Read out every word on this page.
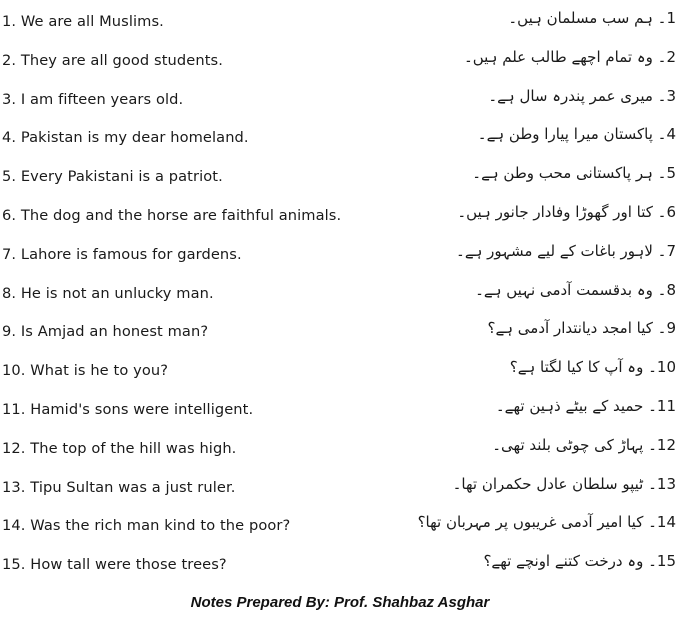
1. We are all Muslims.	1۔ ہم سب مسلمان ہیں۔
2. They are all good students.	2۔ وہ تمام اچھے طالب علم ہیں۔
3. I am fifteen years old.	3۔ میری عمر پندرہ سال ہے۔
4. Pakistan is my dear homeland.	4۔ پاکستان میرا پیارا وطن ہے۔
5. Every Pakistani is a patriot.	5۔ ہر پاکستانی محب وطن ہے۔
6. The dog and the horse are faithful animals.	6۔ کتا اور گھوڑا وفادار جانور ہیں۔
7. Lahore is famous for gardens.	7۔ لاہور باغات کے لیے مشہور ہے۔
8. He is not an unlucky man.	8۔ وہ بدقسمت آدمی نہیں ہے۔
9. Is Amjad an honest man?	9۔ کیا امجد دیانتدار آدمی ہے؟
10. What is he to you?	10۔ وہ آپ کا کیا لگتا ہے؟
11. Hamid's sons were intelligent.	11۔ حمید کے بیٹے ذہین تھے۔
12. The top of the hill was high.	12۔ پہاڑ کی چوٹی بلند تھی۔
13. Tipu Sultan was a just ruler.	13۔ ٹیپو سلطان عادل حکمران تھا۔
14. Was the rich man kind to the poor?	14۔ کیا امیر آدمی غریبوں پر مہربان تھا؟
15. How tall were those trees?	15۔ وہ درخت کتنے اونچے تھے؟
Notes Prepared By: Prof. Shahbaz Asghar
